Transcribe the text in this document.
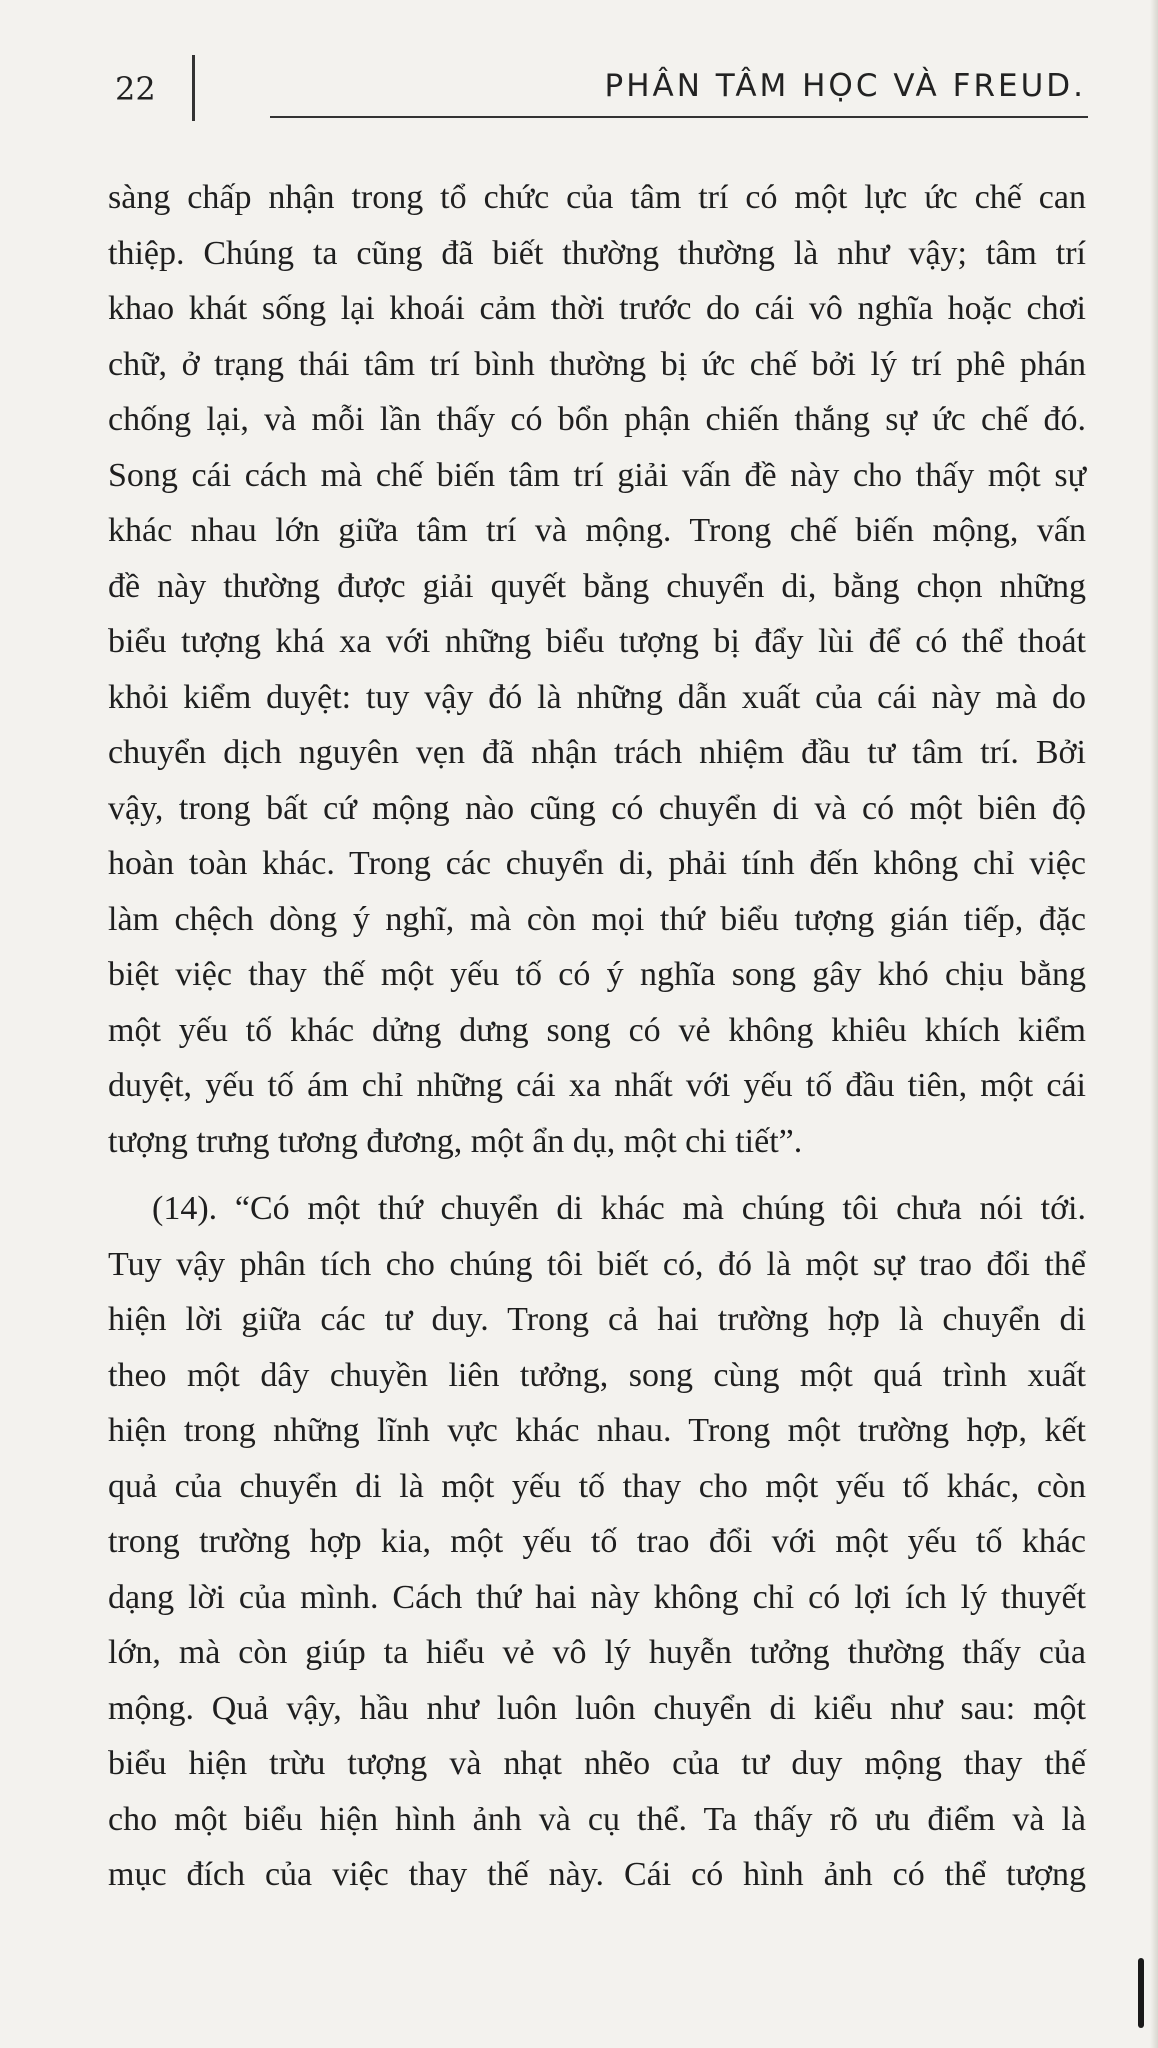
22	PHÂN TÂM HỌC VÀ FREUD.
sàng chấp nhận trong tổ chức của tâm trí có một lực ức chế can
thiệp. Chúng ta cũng đã biết thường thường là như vậy; tâm trí
khao khát sống lại khoái cảm thời trước do cái vô nghĩa hoặc chơi
chữ, ở trạng thái tâm trí bình thường bị ức chế bởi lý trí phê phán
chống lại, và mỗi lần thấy có bổn phận chiến thắng sự ức chế đó.
Song cái cách mà chế biến tâm trí giải vấn đề này cho thấy một sự
khác nhau lớn giữa tâm trí và mộng. Trong chế biến mộng, vấn
đề này thường được giải quyết bằng chuyển di, bằng chọn những
biểu tượng khá xa với những biểu tượng bị đẩy lùi để có thể thoát
khỏi kiểm duyệt: tuy vậy đó là những dẫn xuất của cái này mà do
chuyển dịch nguyên vẹn đã nhận trách nhiệm đầu tư tâm trí. Bởi
vậy, trong bất cứ mộng nào cũng có chuyển di và có một biên độ
hoàn toàn khác. Trong các chuyển di, phải tính đến không chỉ việc
làm chệch dòng ý nghĩ, mà còn mọi thứ biểu tượng gián tiếp, đặc
biệt việc thay thế một yếu tố có ý nghĩa song gây khó chịu bằng
một yếu tố khác dửng dưng song có vẻ không khiêu khích kiểm
duyệt, yếu tố ám chỉ những cái xa nhất với yếu tố đầu tiên, một cái
tượng trưng tương đương, một ẩn dụ, một chi tiết”.
(14). “Có một thứ chuyển di khác mà chúng tôi chưa nói tới.
Tuy vậy phân tích cho chúng tôi biết có, đó là một sự trao đổi thể
hiện lời giữa các tư duy. Trong cả hai trường hợp là chuyển di
theo một dây chuyền liên tưởng, song cùng một quá trình xuất
hiện trong những lĩnh vực khác nhau. Trong một trường hợp, kết
quả của chuyển di là một yếu tố thay cho một yếu tố khác, còn
trong trường hợp kia, một yếu tố trao đổi với một yếu tố khác
dạng lời của mình. Cách thứ hai này không chỉ có lợi ích lý thuyết
lớn, mà còn giúp ta hiểu vẻ vô lý huyễn tưởng thường thấy của
mộng. Quả vậy, hầu như luôn luôn chuyển di kiểu như sau: một
biểu hiện trừu tượng và nhạt nhẽo của tư duy mộng thay thế
cho một biểu hiện hình ảnh và cụ thể. Ta thấy rõ ưu điểm và là
mục đích của việc thay thế này. Cái có hình ảnh có thể tượng
